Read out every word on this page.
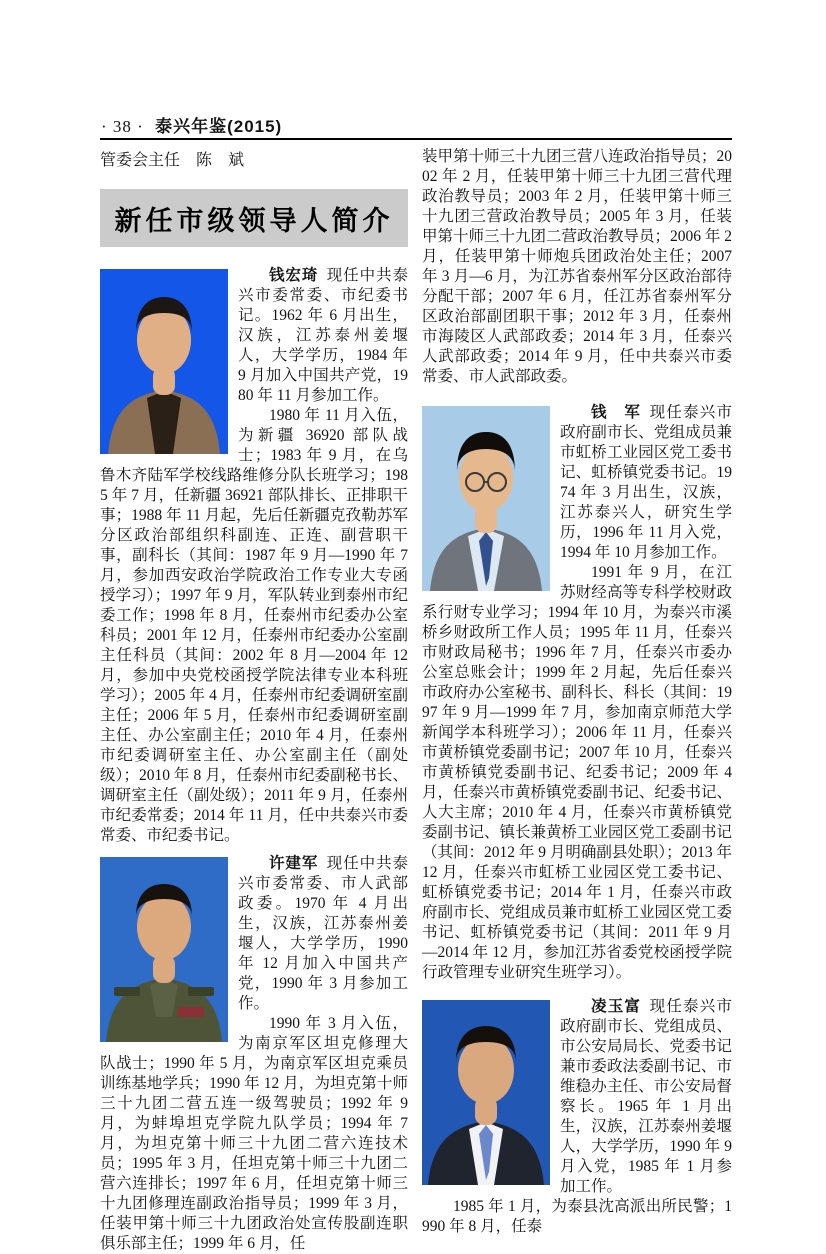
· 38 · 泰兴年鉴(2015)

管委会主任　陈　斌

新任市级领导人简介

钱宏琦 现任中共泰兴市委常委、市纪委书记。1962 年 6 月出生，汉族，江苏泰州姜堰人，大学学历，1984 年 9 月加入中国共产党，1980 年 11 月参加工作。

1980 年 11 月入伍，为新疆 36920 部队战士；1983 年 9 月，在乌鲁木齐陆军学校线路维修分队长班学习；1985 年 7 月，任新疆 36921 部队排长、正排职干事；1988 年 11 月起，先后任新疆克孜勒苏军分区政治部组织科副连、正连、副营职干事，副科长（其间：1987 年 9 月—1990 年 7 月，参加西安政治学院政治工作专业大专函授学习）；1997 年 9 月，军队转业到泰州市纪委工作；1998 年 8 月，任泰州市纪委办公室科员；2001 年 12 月，任泰州市纪委办公室副主任科员（其间：2002 年 8 月—2004 年 12 月，参加中央党校函授学院法律专业本科班学习）；2005 年 4 月，任泰州市纪委调研室副主任；2006 年 5 月，任泰州市纪委调研室副主任、办公室副主任；2010 年 4 月，任泰州市纪委调研室主任、办公室副主任（副处级）；2010 年 8 月，任泰州市纪委副秘书长、调研室主任（副处级）；2011 年 9 月，任泰州市纪委常委；2014 年 11 月，任中共泰兴市委常委、市纪委书记。

许建军 现任中共泰兴市委常委、市人武部政委。1970 年 4 月出生，汉族，江苏泰州姜堰人，大学学历，1990 年 12 月加入中国共产党，1990 年 3 月参加工作。

1990 年 3 月入伍，为南京军区坦克修理大队战士；1990 年 5 月，为南京军区坦克乘员训练基地学兵；1990 年 12 月，为坦克第十师三十九团二营五连一级驾驶员；1992 年 9 月，为蚌埠坦克学院九队学员；1994 年 7 月，为坦克第十师三十九团二营六连技术员；1995 年 3 月，任坦克第十师三十九团二营六连排长；1997 年 6 月，任坦克第十师三十九团修理连副政治指导员；1999 年 3 月，任装甲第十师三十九团政治处宣传股副连职俱乐部主任；1999 年 6 月，任

装甲第十师三十九团三营八连政治指导员；2002 年 2 月，任装甲第十师三十九团三营代理政治教导员；2003 年 2 月，任装甲第十师三十九团三营政治教导员；2005 年 3 月，任装甲第十师三十九团二营政治教导员；2006 年 2 月，任装甲第十师炮兵团政治处主任；2007 年 3 月—6 月，为江苏省泰州军分区政治部待分配干部；2007 年 6 月，任江苏省泰州军分区政治部副团职干事；2012 年 3 月，任泰州市海陵区人武部政委；2014 年 3 月，任泰兴人武部政委；2014 年 9 月，任中共泰兴市委常委、市人武部政委。

钱　军 现任泰兴市政府副市长、党组成员兼市虹桥工业园区党工委书记、虹桥镇党委书记。1974 年 3 月出生，汉族，江苏泰兴人，研究生学历，1996 年 11 月入党，1994 年 10 月参加工作。

1991 年 9 月，在江苏财经高等专科学校财政系行财专业学习；1994 年 10 月，为泰兴市溪桥乡财政所工作人员；1995 年 11 月，任泰兴市财政局秘书；1996 年 7 月，任泰兴市委办公室总账会计；1999 年 2 月起，先后任泰兴市政府办公室秘书、副科长、科长（其间：1997 年 9 月—1999 年 7 月，参加南京师范大学新闻学本科班学习）；2006 年 11 月，任泰兴市黄桥镇党委副书记；2007 年 10 月，任泰兴市黄桥镇党委副书记、纪委书记；2009 年 4 月，任泰兴市黄桥镇党委副书记、纪委书记、人大主席；2010 年 4 月，任泰兴市黄桥镇党委副书记、镇长兼黄桥工业园区党工委副书记（其间：2012 年 9 月明确副县处职）；2013 年 12 月，任泰兴市虹桥工业园区党工委书记、虹桥镇党委书记；2014 年 1 月，任泰兴市政府副市长、党组成员兼市虹桥工业园区党工委书记、虹桥镇党委书记（其间：2011 年 9 月—2014 年 12 月，参加江苏省委党校函授学院行政管理专业研究生班学习）。

凌玉富 现任泰兴市政府副市长、党组成员、市公安局局长、党委书记兼市委政法委副书记、市维稳办主任、市公安局督察长。1965 年 1 月出生，汉族，江苏泰州姜堰人，大学学历，1990 年 9 月入党，1985 年 1 月参加工作。

1985 年 1 月，为泰县沈高派出所民警；1990 年 8 月，任泰
